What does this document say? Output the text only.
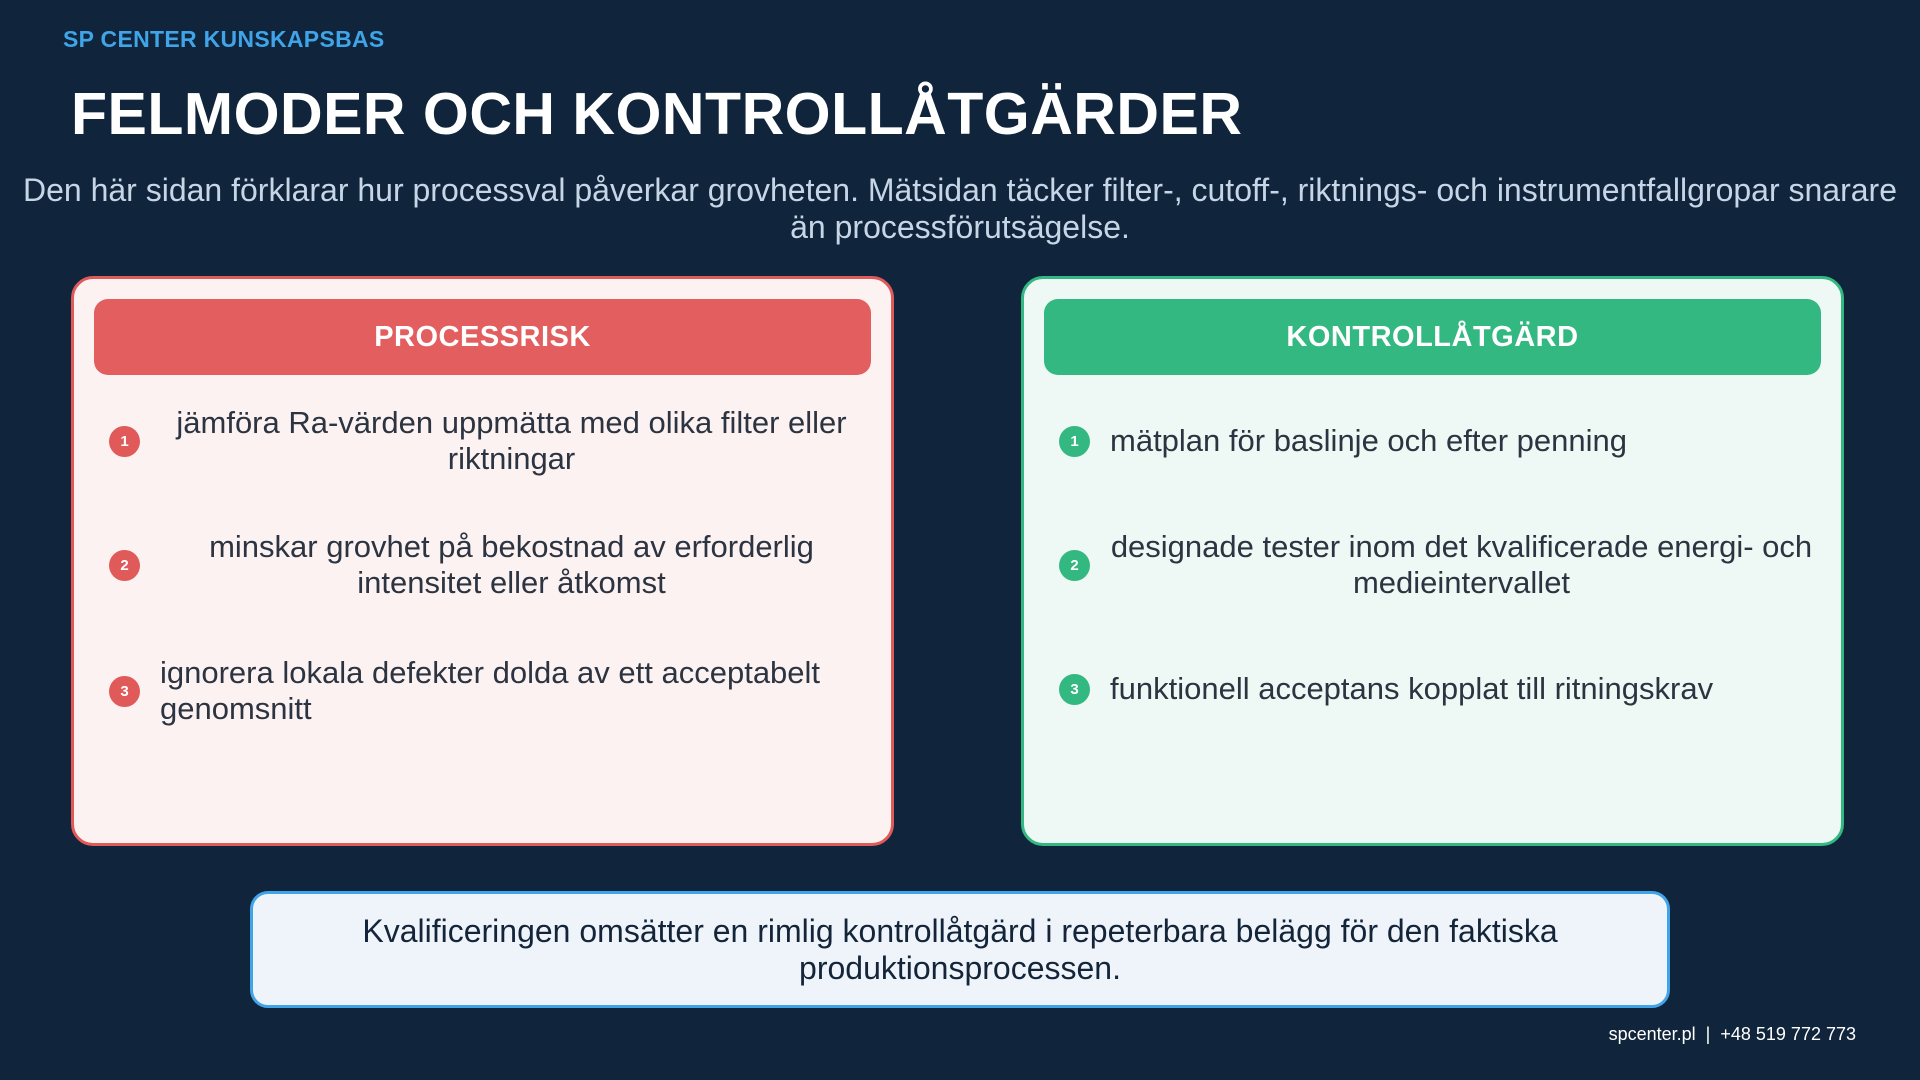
SP CENTER KUNSKAPSBAS
FELMODER OCH KONTROLLÅTGÄRDER
Den här sidan förklarar hur processval påverkar grovheten. Mätsidan täcker filter-, cutoff-, riktnings- och instrumentfallgropar snarare än processförutsägelse.
PROCESSRISK
1
jämföra Ra-värden uppmätta med olika filter eller riktningar
2
minskar grovhet på bekostnad av erforderlig intensitet eller åtkomst
3
ignorera lokala defekter dolda av ett acceptabelt genomsnitt
KONTROLLÅTGÄRD
1	mätplan för baslinje och efter penning
2
designade tester inom det kvalificerade energi- och medieintervallet
3	funktionell acceptans kopplat till ritningskrav
Kvalificeringen omsätter en rimlig kontrollåtgärd i repeterbara belägg för den faktiska produktionsprocessen.
spcenter.pl | +48 519 772 773
